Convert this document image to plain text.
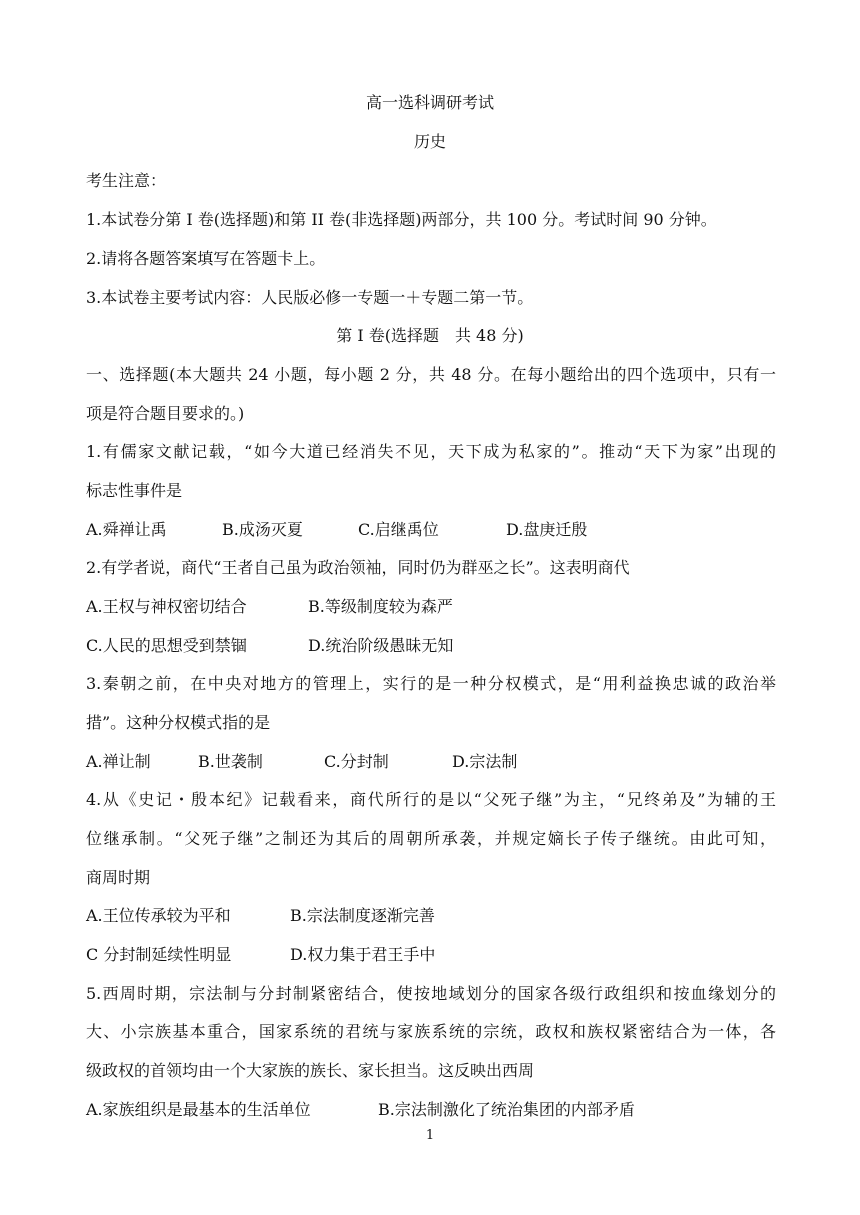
高一选科调研考试
历史
考生注意：
1.本试卷分第 I 卷(选择题)和第 II 卷(非选择题)两部分，共 100 分。考试时间 90 分钟。
2.请将各题答案填写在答题卡上。
3.本试卷主要考试内容：人民版必修一专题一＋专题二第一节。
第 I 卷(选择题　共 48 分)
一、选择题(本大题共 24 小题，每小题 2 分，共 48 分。在每小题给出的四个选项中，只有一
项是符合题目要求的。)
1.有儒家文献记载，“如今大道已经消失不见，天下成为私家的”。推动“天下为家”出现的
标志性事件是
A.舜禅让禹	B.成汤灭夏	C.启继禹位	D.盘庚迁殷
2.有学者说，商代“王者自己虽为政治领袖，同时仍为群巫之长”。这表明商代
A.王权与神权密切结合	B.等级制度较为森严
C.人民的思想受到禁锢	D.统治阶级愚昧无知
3.秦朝之前，在中央对地方的管理上，实行的是一种分权模式，是“用利益换忠诚的政治举
措”。这种分权模式指的是
A.禅让制	B.世袭制	C.分封制	D.宗法制
4.从《史记・殷本纪》记载看来，商代所行的是以“父死子继”为主，“兄终弟及”为辅的王
位继承制。“父死子继”之制还为其后的周朝所承袭，并规定嫡长子传子继统。由此可知，
商周时期
A.王位传承较为平和	B.宗法制度逐渐完善
C 分封制延续性明显	D.权力集于君王手中
5.西周时期，宗法制与分封制紧密结合，使按地域划分的国家各级行政组织和按血缘划分的
大、小宗族基本重合，国家系统的君统与家族系统的宗统，政权和族权紧密结合为一体，各
级政权的首领均由一个大家族的族长、家长担当。这反映出西周
A.家族组织是最基本的生活单位	B.宗法制激化了统治集团的内部矛盾
1
